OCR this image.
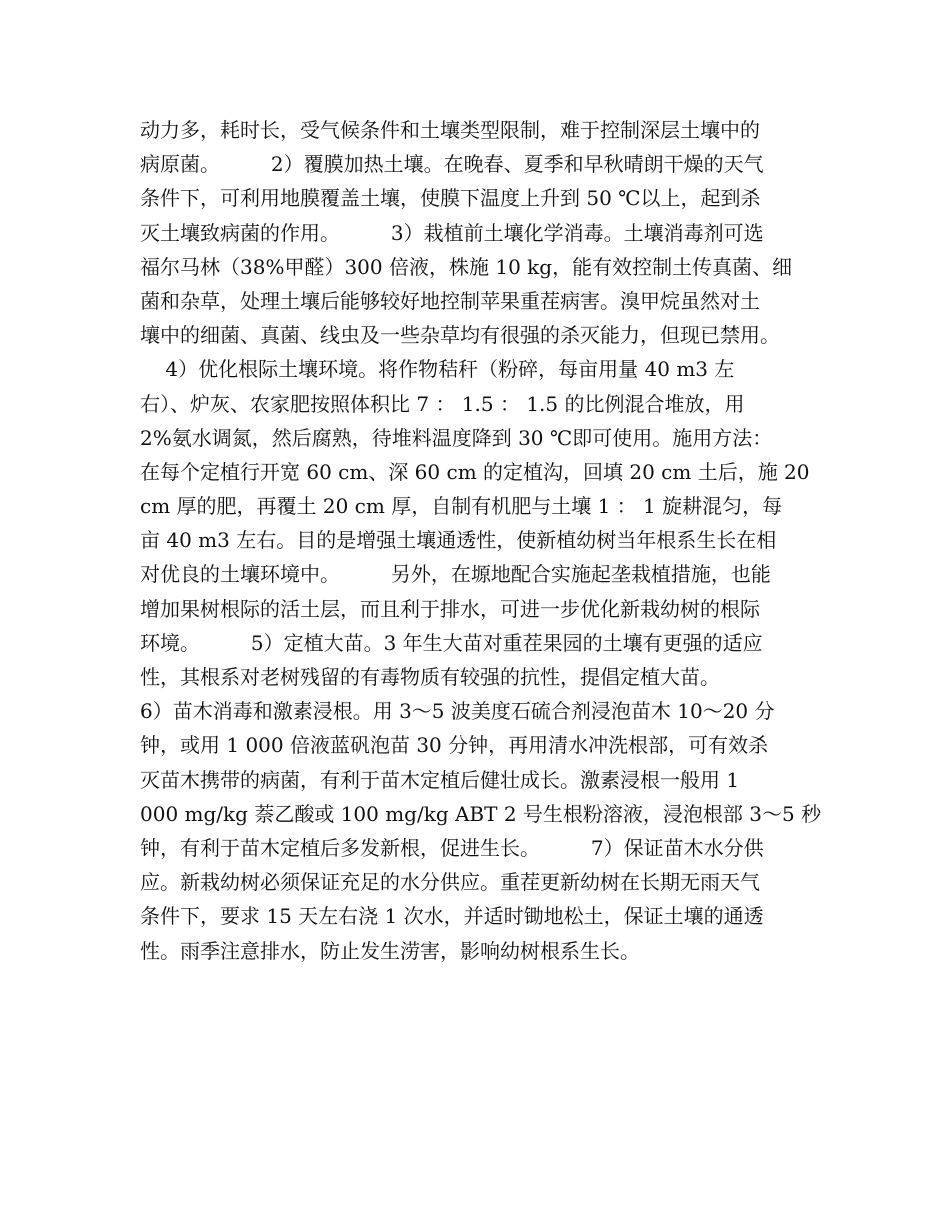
动力多，耗时长，受气候条件和土壤类型限制，难于控制深层土壤中的
病原菌。        2）覆膜加热土壤。在晚春、夏季和早秋晴朗干燥的天气
条件下，可利用地膜覆盖土壤，使膜下温度上升到 50 ℃以上，起到杀
灭土壤致病菌的作用。        3）栽植前土壤化学消毒。土壤消毒剂可选
福尔马林（38%甲醛）300 倍液，株施 10 kg，能有效控制土传真菌、细
菌和杂草，处理土壤后能够较好地控制苹果重茬病害。溴甲烷虽然对土
壤中的细菌、真菌、线虫及一些杂草均有很强的杀灭能力，但现已禁用。
4）优化根际土壤环境。将作物秸秆（粉碎，每亩用量 40 m3 左
右）、炉灰、农家肥按照体积比 7 ： 1.5 ： 1.5 的比例混合堆放，用
2%氨水调氮，然后腐熟，待堆料温度降到 30 ℃即可使用。施用方法：
在每个定植行开宽 60 cm、深 60 cm 的定植沟，回填 20 cm 土后，施 20
cm 厚的肥，再覆土 20 cm 厚，自制有机肥与土壤 1 ： 1 旋耕混匀，每
亩 40 m3 左右。目的是增强土壤通透性，使新植幼树当年根系生长在相
对优良的土壤环境中。        另外，在塬地配合实施起垄栽植措施，也能
增加果树根际的活土层，而且利于排水，可进一步优化新栽幼树的根际
环境。        5）定植大苗。3 年生大苗对重茬果园的土壤有更强的适应
性，其根系对老树残留的有毒物质有较强的抗性，提倡定植大苗。
6）苗木消毒和激素浸根。用 3～5 波美度石硫合剂浸泡苗木 10～20 分
钟，或用 1 000 倍液蓝矾泡苗 30 分钟，再用清水冲洗根部，可有效杀
灭苗木携带的病菌，有利于苗木定植后健壮成长。激素浸根一般用 1
000 mg/kg 萘乙酸或 100 mg/kg ABT 2 号生根粉溶液，浸泡根部 3～5 秒
钟，有利于苗木定植后多发新根，促进生长。        7）保证苗木水分供
应。新栽幼树必须保证充足的水分供应。重茬更新幼树在长期无雨天气
条件下，要求 15 天左右浇 1 次水，并适时锄地松土，保证土壤的通透
性。雨季注意排水，防止发生涝害，影响幼树根系生长。
